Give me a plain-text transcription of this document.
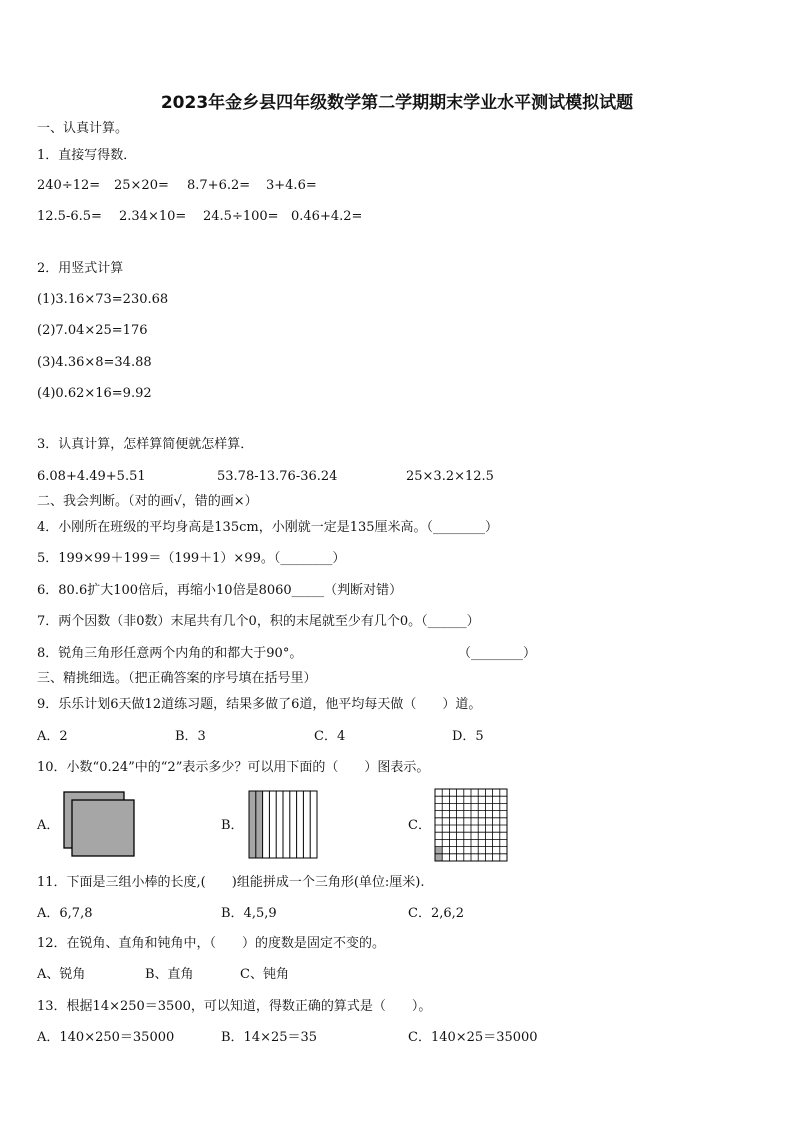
2023年金乡县四年级数学第二学期期末学业水平测试模拟试题
一、认真计算。
1．直接写得数．
240÷12= 25×20= 8.7+6.2= 3+4.6=
12.5-6.5= 2.34×10= 24.5÷100= 0.46+4.2=
2．用竖式计算
(1)3.16×73=230.68
(2)7.04×25=176
(3)4.36×8=34.88
(4)0.62×16=9.92
3．认真计算，怎样算简便就怎样算．
6.08+4.49+5.51	53.78-13.76-36.24	25×3.2×12.5
二、我会判断。（对的画√，错的画×）
4．小刚所在班级的平均身高是135cm，小刚就一定是135厘米高。（________）
5．199×99＋199＝（199＋1）×99。（________）
6．80.6扩大100倍后，再缩小10倍是8060_____（判断对错）
7．两个因数（非0数）末尾共有几个0，积的末尾就至少有几个0。（______）
8．锐角三角形任意两个内角的和都大于90°。	（________）
三、精挑细选。（把正确答案的序号填在括号里）
9．乐乐计划6天做12道练习题，结果多做了6道，他平均每天做（　　）道。
A．2	B．3	C．4	D．5
10．小数“0.24”中的“2”表示多少？可以用下面的（　　）图表示。
A．	B．	C．
11．下面是三组小棒的长度,(　　)组能拼成一个三角形(单位:厘米).
A．6,7,8	B．4,5,9	C．2,6,2
12．在锐角、直角和钝角中，（　　）的度数是固定不变的。
A、锐角	B、直角	C、钝角
13．根据14×250＝3500，可以知道，得数正确的算式是（　　）。
A．140×250＝35000	B．14×25＝35	C．140×25＝35000
